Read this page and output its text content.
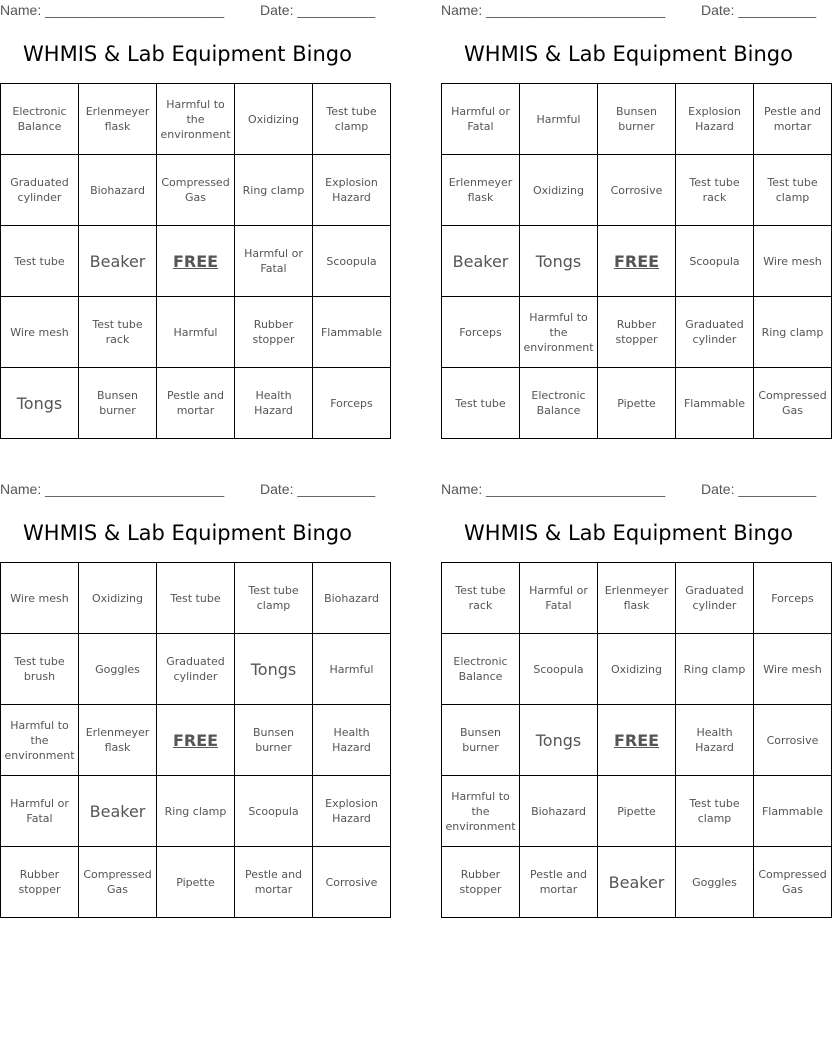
Name: _______________________	Date: __________
WHMIS & Lab Equipment Bingo
Electronic Balance	Erlenmeyer flask	Harmful to the environment	Oxidizing	Test tube clamp
Graduated cylinder	Biohazard	Compressed Gas	Ring clamp	Explosion Hazard
Test tube	Beaker	FREE	Harmful or Fatal	Scoopula
Wire mesh	Test tube rack	Harmful	Rubber stopper	Flammable
Tongs	Bunsen burner	Pestle and mortar	Health Hazard	Forceps
Name: _______________________	Date: __________
WHMIS & Lab Equipment Bingo
Harmful or Fatal	Harmful	Bunsen burner	Explosion Hazard	Pestle and mortar
Erlenmeyer flask	Oxidizing	Corrosive	Test tube rack	Test tube clamp
Beaker	Tongs	FREE	Scoopula	Wire mesh
Forceps	Harmful to the environment	Rubber stopper	Graduated cylinder	Ring clamp
Test tube	Electronic Balance	Pipette	Flammable	Compressed Gas
Name: _______________________	Date: __________
WHMIS & Lab Equipment Bingo
Wire mesh	Oxidizing	Test tube	Test tube clamp	Biohazard
Test tube brush	Goggles	Graduated cylinder	Tongs	Harmful
Harmful to the environment	Erlenmeyer flask	FREE	Bunsen burner	Health Hazard
Harmful or Fatal	Beaker	Ring clamp	Scoopula	Explosion Hazard
Rubber stopper	Compressed Gas	Pipette	Pestle and mortar	Corrosive
Name: _______________________	Date: __________
WHMIS & Lab Equipment Bingo
Test tube rack	Harmful or Fatal	Erlenmeyer flask	Graduated cylinder	Forceps
Electronic Balance	Scoopula	Oxidizing	Ring clamp	Wire mesh
Bunsen burner	Tongs	FREE	Health Hazard	Corrosive
Harmful to the environment	Biohazard	Pipette	Test tube clamp	Flammable
Rubber stopper	Pestle and mortar	Beaker	Goggles	Compressed Gas
